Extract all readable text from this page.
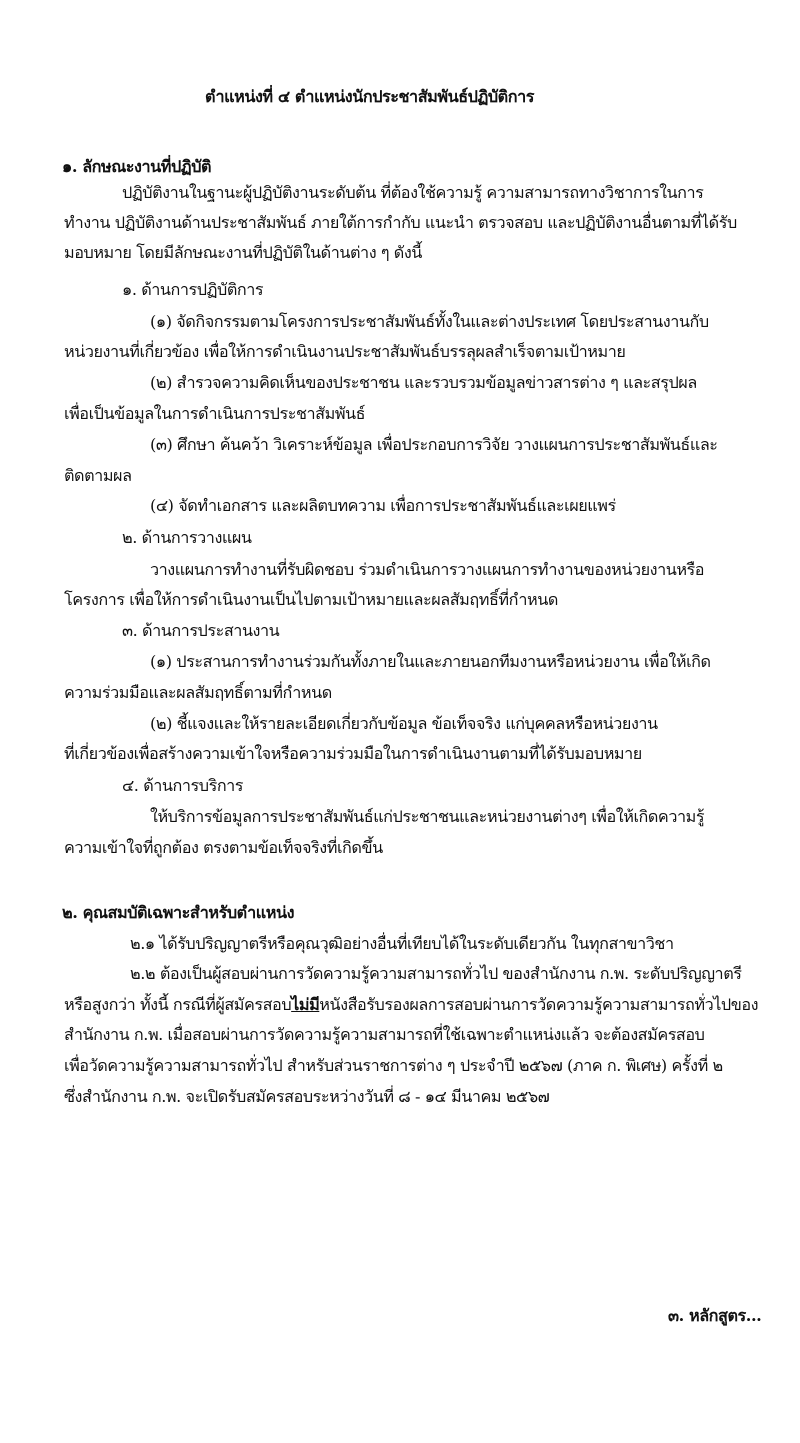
ตำแหน่งที่ ๔ ตำแหน่งนักประชาสัมพันธ์ปฏิบัติการ
๑. ลักษณะงานที่ปฏิบัติ
ปฏิบัติงานในฐานะผู้ปฏิบัติงานระดับต้น ที่ต้องใช้ความรู้ ความสามารถทางวิชาการในการ
ทำงาน ปฏิบัติงานด้านประชาสัมพันธ์ ภายใต้การกำกับ แนะนำ ตรวจสอบ และปฏิบัติงานอื่นตามที่ได้รับ
มอบหมาย โดยมีลักษณะงานที่ปฏิบัติในด้านต่าง ๆ ดังนี้
๑. ด้านการปฏิบัติการ
(๑) จัดกิจกรรมตามโครงการประชาสัมพันธ์ทั้งในและต่างประเทศ โดยประสานงานกับ
หน่วยงานที่เกี่ยวข้อง เพื่อให้การดำเนินงานประชาสัมพันธ์บรรลุผลสำเร็จตามเป้าหมาย
(๒) สำรวจความคิดเห็นของประชาชน และรวบรวมข้อมูลข่าวสารต่าง ๆ และสรุปผล
เพื่อเป็นข้อมูลในการดำเนินการประชาสัมพันธ์
(๓) ศึกษา ค้นคว้า วิเคราะห์ข้อมูล เพื่อประกอบการวิจัย วางแผนการประชาสัมพันธ์และ
ติดตามผล
(๔) จัดทำเอกสาร และผลิตบทความ เพื่อการประชาสัมพันธ์และเผยแพร่
๒. ด้านการวางแผน
วางแผนการทำงานที่รับผิดชอบ ร่วมดำเนินการวางแผนการทำงานของหน่วยงานหรือ
โครงการ เพื่อให้การดำเนินงานเป็นไปตามเป้าหมายและผลสัมฤทธิ์ที่กำหนด
๓. ด้านการประสานงาน
(๑) ประสานการทำงานร่วมกันทั้งภายในและภายนอกทีมงานหรือหน่วยงาน เพื่อให้เกิด
ความร่วมมือและผลสัมฤทธิ์ตามที่กำหนด
(๒) ชี้แจงและให้รายละเอียดเกี่ยวกับข้อมูล ข้อเท็จจริง แก่บุคคลหรือหน่วยงาน
ที่เกี่ยวข้องเพื่อสร้างความเข้าใจหรือความร่วมมือในการดำเนินงานตามที่ได้รับมอบหมาย
๔. ด้านการบริการ
ให้บริการข้อมูลการประชาสัมพันธ์แก่ประชาชนและหน่วยงานต่างๆ เพื่อให้เกิดความรู้
ความเข้าใจที่ถูกต้อง ตรงตามข้อเท็จจริงที่เกิดขึ้น
๒. คุณสมบัติเฉพาะสำหรับตำแหน่ง
๒.๑ ได้รับปริญญาตรีหรือคุณวุฒิอย่างอื่นที่เทียบได้ในระดับเดียวกัน ในทุกสาขาวิชา
๒.๒ ต้องเป็นผู้สอบผ่านการวัดความรู้ความสามารถทั่วไป ของสำนักงาน ก.พ. ระดับปริญญาตรี
หรือสูงกว่า ทั้งนี้ กรณีที่ผู้สมัครสอบไม่มีหนังสือรับรองผลการสอบผ่านการวัดความรู้ความสามารถทั่วไปของ
สำนักงาน ก.พ. เมื่อสอบผ่านการวัดความรู้ความสามารถที่ใช้เฉพาะตำแหน่งแล้ว จะต้องสมัครสอบ
เพื่อวัดความรู้ความสามารถทั่วไป สำหรับส่วนราชการต่าง ๆ ประจำปี ๒๕๖๗ (ภาค ก. พิเศษ) ครั้งที่ ๒
ซึ่งสำนักงาน ก.พ. จะเปิดรับสมัครสอบระหว่างวันที่ ๘ - ๑๔ มีนาคม ๒๕๖๗
๓. หลักสูตร...
